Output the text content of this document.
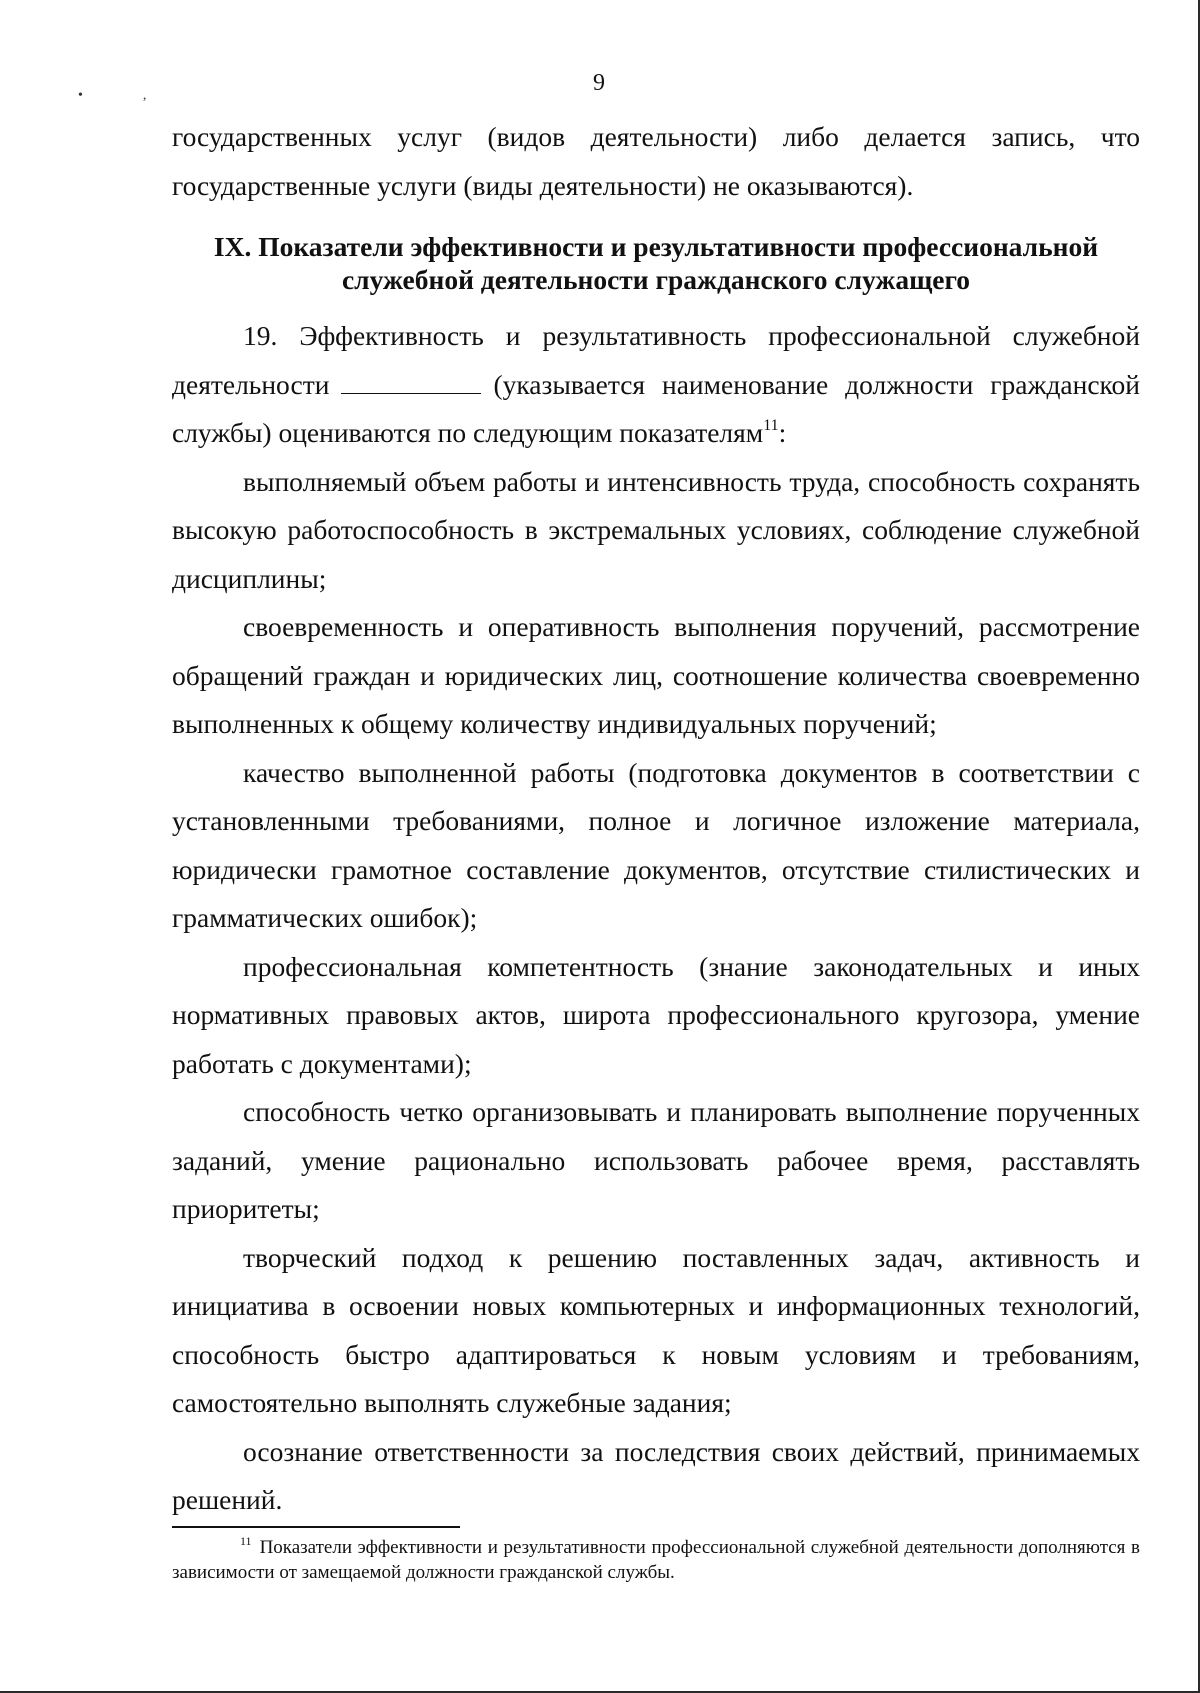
•	,	9

государственных услуг (видов деятельности) либо делается запись, что государственные услуги (виды деятельности) не оказываются).

IX. Показатели эффективности и результативности профессиональной
служебной деятельности гражданского служащего

19. Эффективность и результативность профессиональной служебной деятельности	(указывается наименование должности гражданской службы) оцениваются по следующим показателям$^{11}$:

выполняемый объем работы и интенсивность труда, способность сохранять высокую работоспособность в экстремальных условиях, соблюдение служебной дисциплины;

своевременность и оперативность выполнения поручений, рассмотрение обращений граждан и юридических лиц, соотношение количества своевременно выполненных к общему количеству индивидуальных поручений;

качество выполненной работы (подготовка документов в соответствии с установленными требованиями, полное и логичное изложение материала, юридически грамотное составление документов, отсутствие стилистических и грамматических ошибок);

профессиональная компетентность (знание законодательных и иных нормативных правовых актов, широта профессионального кругозора, умение работать с документами);

способность четко организовывать и планировать выполнение порученных заданий, умение рационально использовать рабочее время, расставлять приоритеты;

творческий подход к решению поставленных задач, активность и инициатива в освоении новых компьютерных и информационных технологий, способность быстро адаптироваться к новым условиям и требованиям, самостоятельно выполнять служебные задания;

осознание ответственности за последствия своих действий, принимаемых решений.

$^{11}$ Показатели эффективности и результативности профессиональной служебной деятельности дополняются в зависимости от замещаемой должности гражданской службы.
